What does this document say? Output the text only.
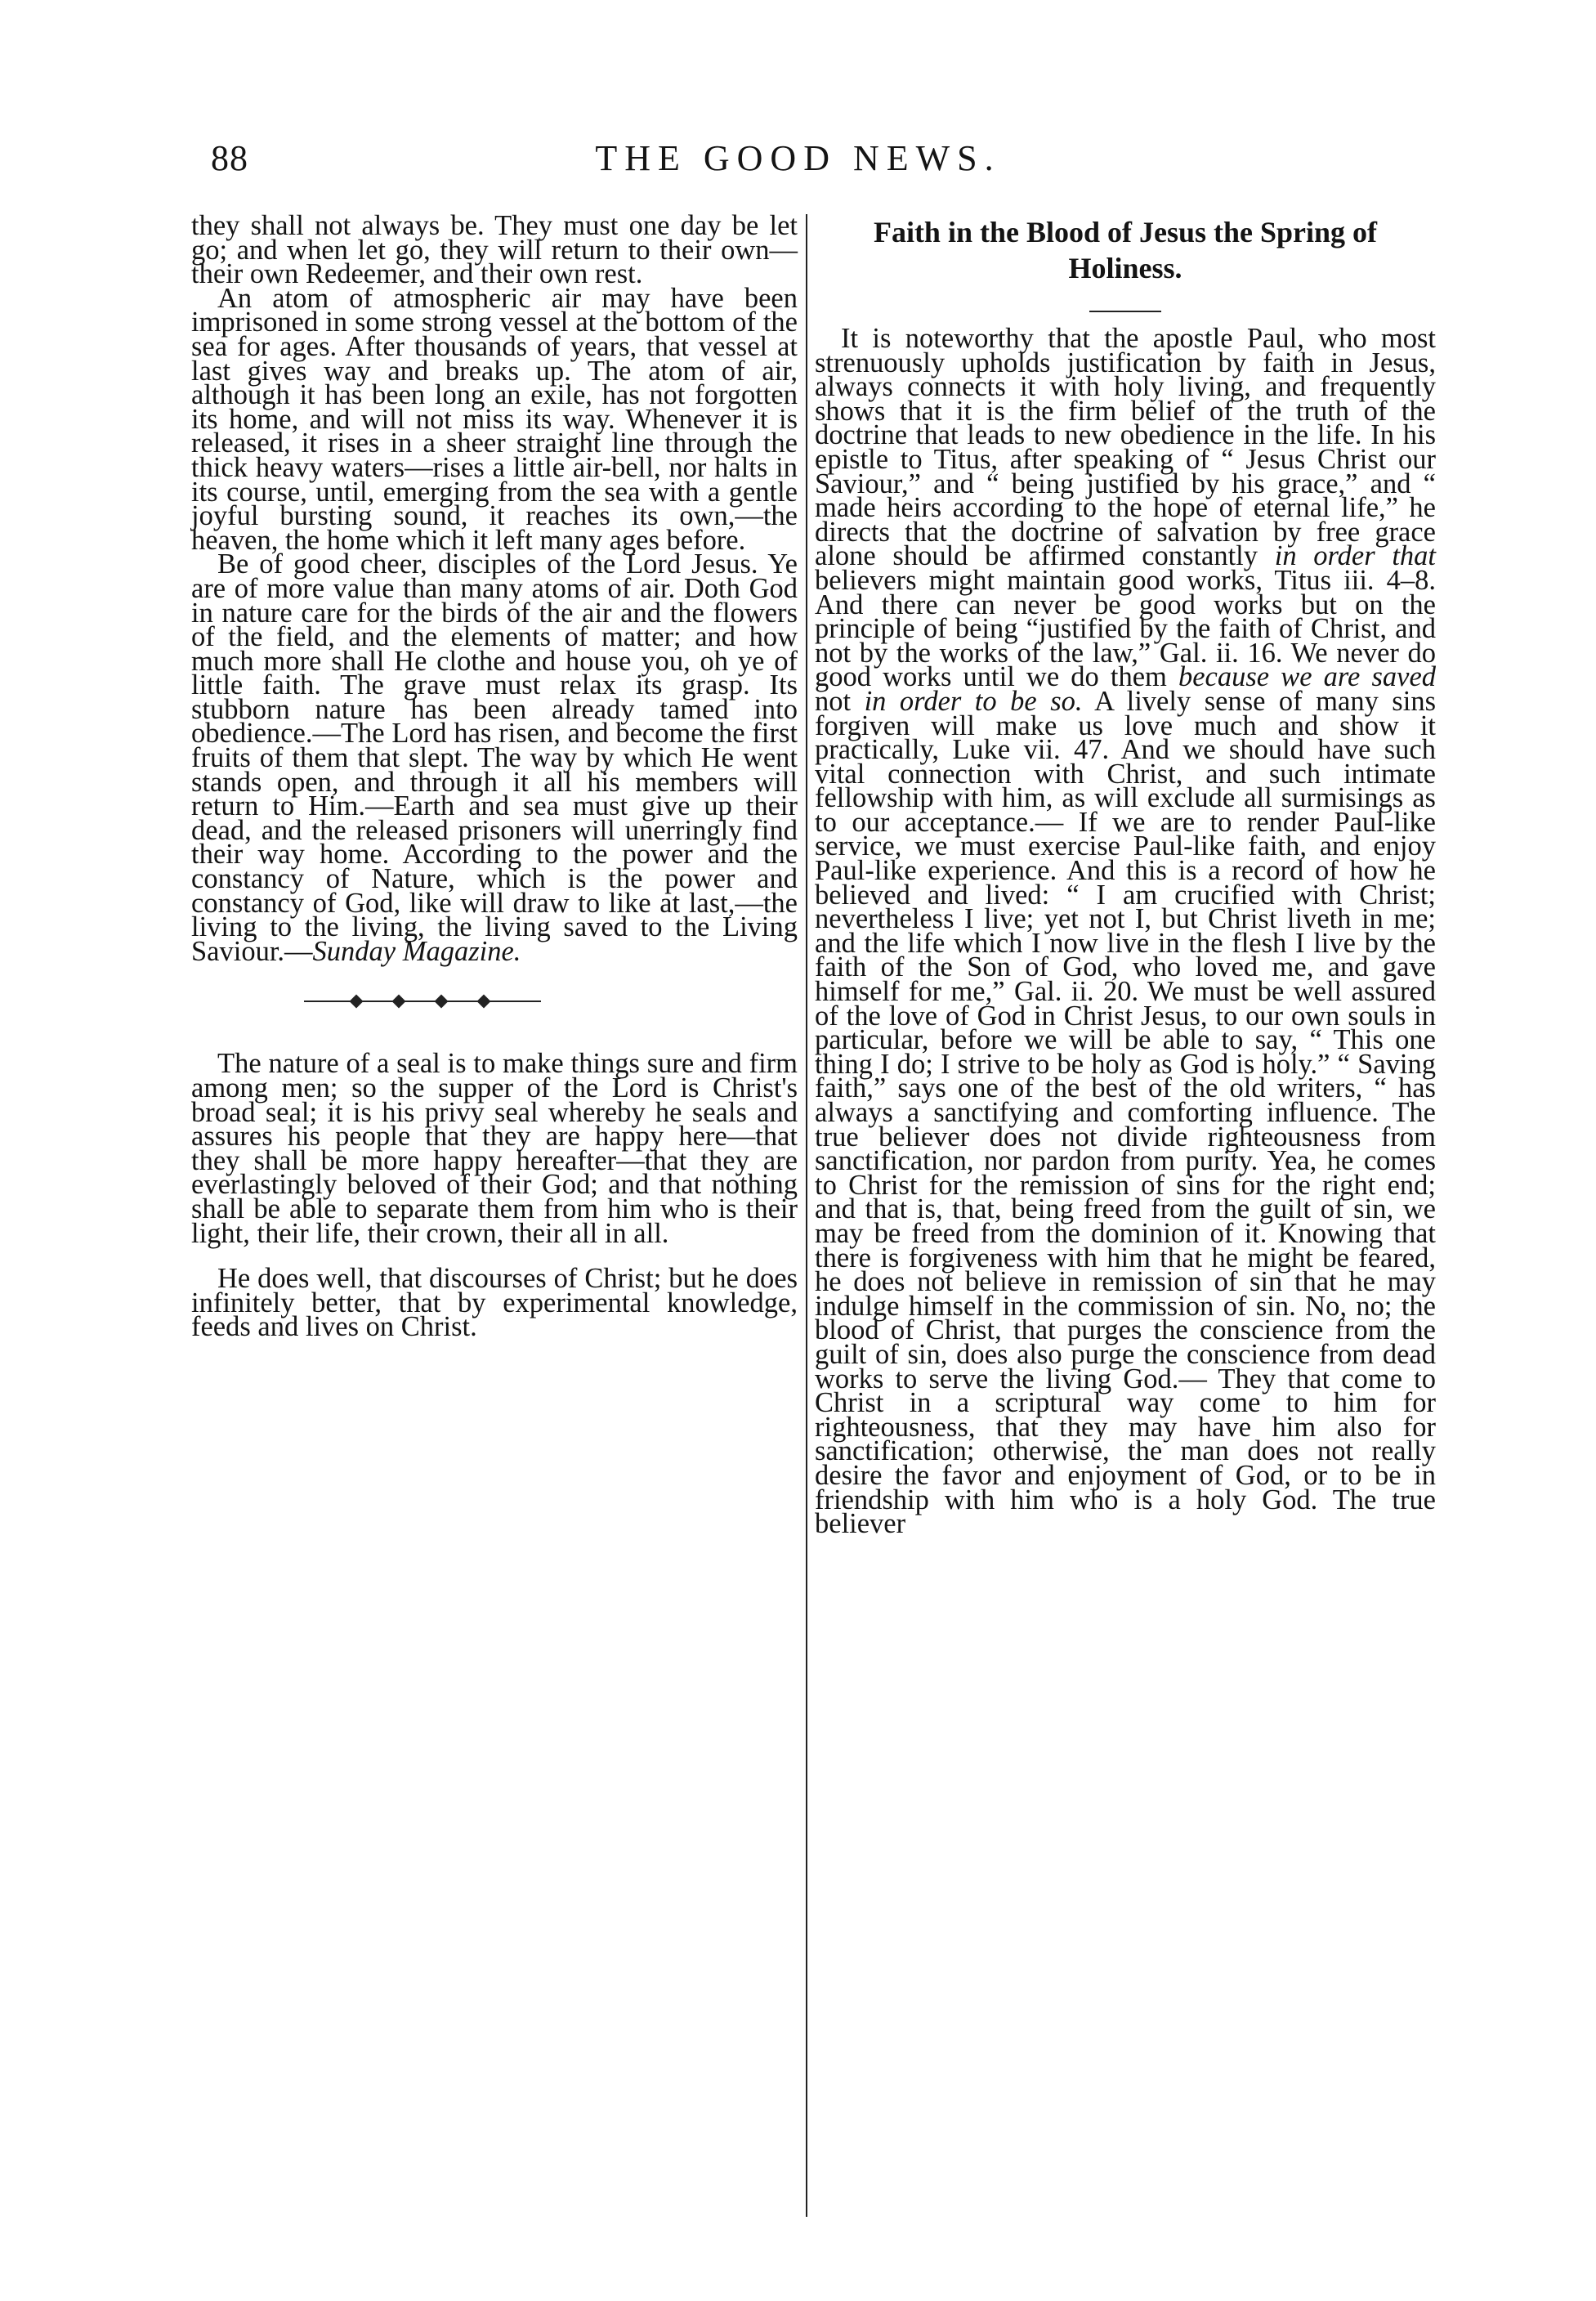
88	THE GOOD NEWS.

they shall not always be. They must one day be let go; and when let go, they will return to their own—their own Redeemer, and their own rest.

An atom of atmospheric air may have been imprisoned in some strong vessel at the bottom of the sea for ages. After thousands of years, that vessel at last gives way and breaks up. The atom of air, although it has been long an exile, has not forgotten its home, and will not miss its way. Whenever it is released, it rises in a sheer straight line through the thick heavy waters—rises a little air-bell, nor halts in its course, until, emerging from the sea with a gentle joyful bursting sound, it reaches its own,—the heaven, the home which it left many ages before.

Be of good cheer, disciples of the Lord Jesus. Ye are of more value than many atoms of air. Doth God in nature care for the birds of the air and the flowers of the field, and the elements of matter; and how much more shall He clothe and house you, oh ye of little faith. The grave must relax its grasp. Its stubborn nature has been already tamed into obedience.—The Lord has risen, and become the first fruits of them that slept. The way by which He went stands open, and through it all his members will return to Him.—Earth and sea must give up their dead, and the released prisoners will unerringly find their way home. According to the power and the constancy of Nature, which is the power and constancy of God, like will draw to like at last,—the living to the living, the living saved to the Living Saviour.—Sunday Magazine.

The nature of a seal is to make things sure and firm among men; so the supper of the Lord is Christ's broad seal; it is his privy seal whereby he seals and assures his people that they are happy here—that they shall be more happy hereafter—that they are everlastingly beloved of their God; and that nothing shall be able to separate them from him who is their light, their life, their crown, their all in all.

He does well, that discourses of Christ; but he does infinitely better, that by experimental knowledge, feeds and lives on Christ.

Faith in the Blood of Jesus the Spring of Holiness.

It is noteworthy that the apostle Paul, who most strenuously upholds justification by faith in Jesus, always connects it with holy living, and frequently shows that it is the firm belief of the truth of the doctrine that leads to new obedience in the life. In his epistle to Titus, after speaking of “ Jesus Christ our Saviour,” and “ being justified by his grace,” and “ made heirs according to the hope of eternal life,” he directs that the doctrine of salvation by free grace alone should be affirmed constantly in order that believers might maintain good works, Titus iii. 4–8. And there can never be good works but on the principle of being “justified by the faith of Christ, and not by the works of the law,” Gal. ii. 16. We never do good works until we do them because we are saved not in order to be so. A lively sense of many sins forgiven will make us love much and show it practically, Luke vii. 47. And we should have such vital connection with Christ, and such intimate fellowship with him, as will exclude all surmisings as to our acceptance.— If we are to render Paul-like service, we must exercise Paul-like faith, and enjoy Paul-like experience. And this is a record of how he believed and lived: “ I am crucified with Christ; nevertheless I live; yet not I, but Christ liveth in me; and the life which I now live in the flesh I live by the faith of the Son of God, who loved me, and gave himself for me,” Gal. ii. 20. We must be well assured of the love of God in Christ Jesus, to our own souls in particular, before we will be able to say, “ This one thing I do; I strive to be holy as God is holy.” “ Saving faith,” says one of the best of the old writers, “ has always a sanctifying and comforting influence. The true believer does not divide righteousness from sanctification, nor pardon from purity. Yea, he comes to Christ for the remission of sins for the right end; and that is, that, being freed from the guilt of sin, we may be freed from the dominion of it. Knowing that there is forgiveness with him that he might be feared, he does not believe in remission of sin that he may indulge himself in the commission of sin. No, no; the blood of Christ, that purges the conscience from the guilt of sin, does also purge the conscience from dead works to serve the living God.— They that come to Christ in a scriptural way come to him for righteousness, that they may have him also for sanctification; otherwise, the man does not really desire the favor and enjoyment of God, or to be in friendship with him who is a holy God. The true believer
